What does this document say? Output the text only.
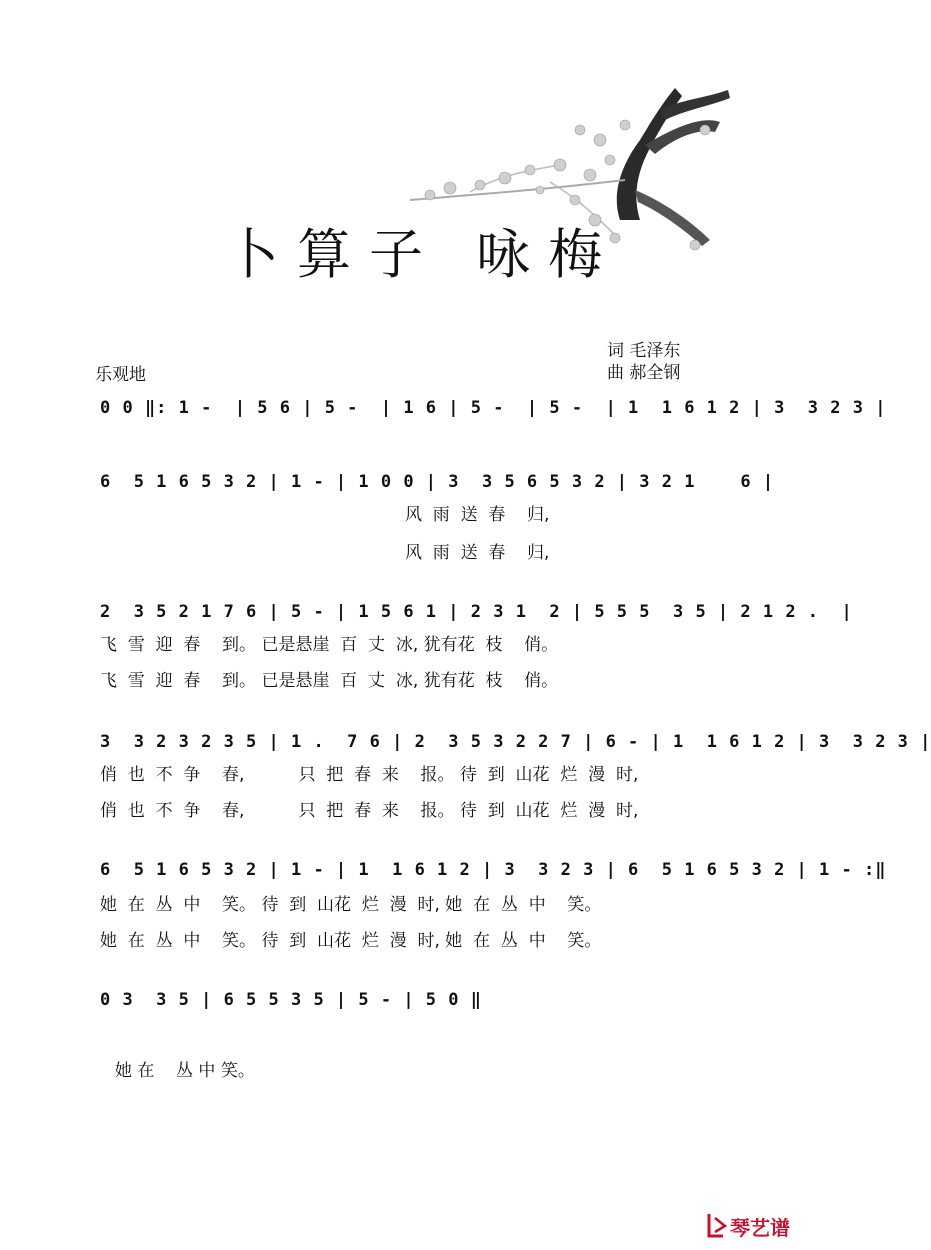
卜算子 咏梅
词 毛泽东
曲 郝全钢
乐观地
0 0 ‖: 1 -  | 5 6 | 5 -  | 1 6 | 5 -  | 5 -  | 1  1 6 1 2 | 3  3 2 3 |
6  5 1 6 5 3 2 | 1 - | 1 0 0 | 3  3 5 6 5 3 2 | 3 2 1    6 |
风  雨  送  春    归,
风  雨  送  春    归,
2  3 5 2 1 7 6 | 5 - | 1 5 6 1 | 2 3 1  2 | 5 5 5  3 5 | 2 1 2 .  |
飞  雪  迎  春    到。 已是悬崖  百  丈  冰, 犹有花  枝    俏。
飞  雪  迎  春    到。 已是悬崖  百  丈  冰, 犹有花  枝    俏。
3  3 2 3 2 3 5 | 1 .  7 6 | 2  3 5 3 2 2 7 | 6 - | 1  1 6 1 2 | 3  3 2 3 |
俏  也  不  争    春,          只  把  春  来    报。 待  到  山花  烂  漫  时,
俏  也  不  争    春,          只  把  春  来    报。 待  到  山花  烂  漫  时,
6  5 1 6 5 3 2 | 1 - | 1  1 6 1 2 | 3  3 2 3 | 6  5 1 6 5 3 2 | 1 - :‖
她  在  丛  中    笑。 待  到  山花  烂  漫  时, 她  在  丛  中    笑。
她  在  丛  中    笑。 待  到  山花  烂  漫  时, 她  在  丛  中    笑。
0 3  3 5 | 6 5 5 3 5 | 5 - | 5 0 ‖
她 在    丛 中 笑。
琴艺谱
